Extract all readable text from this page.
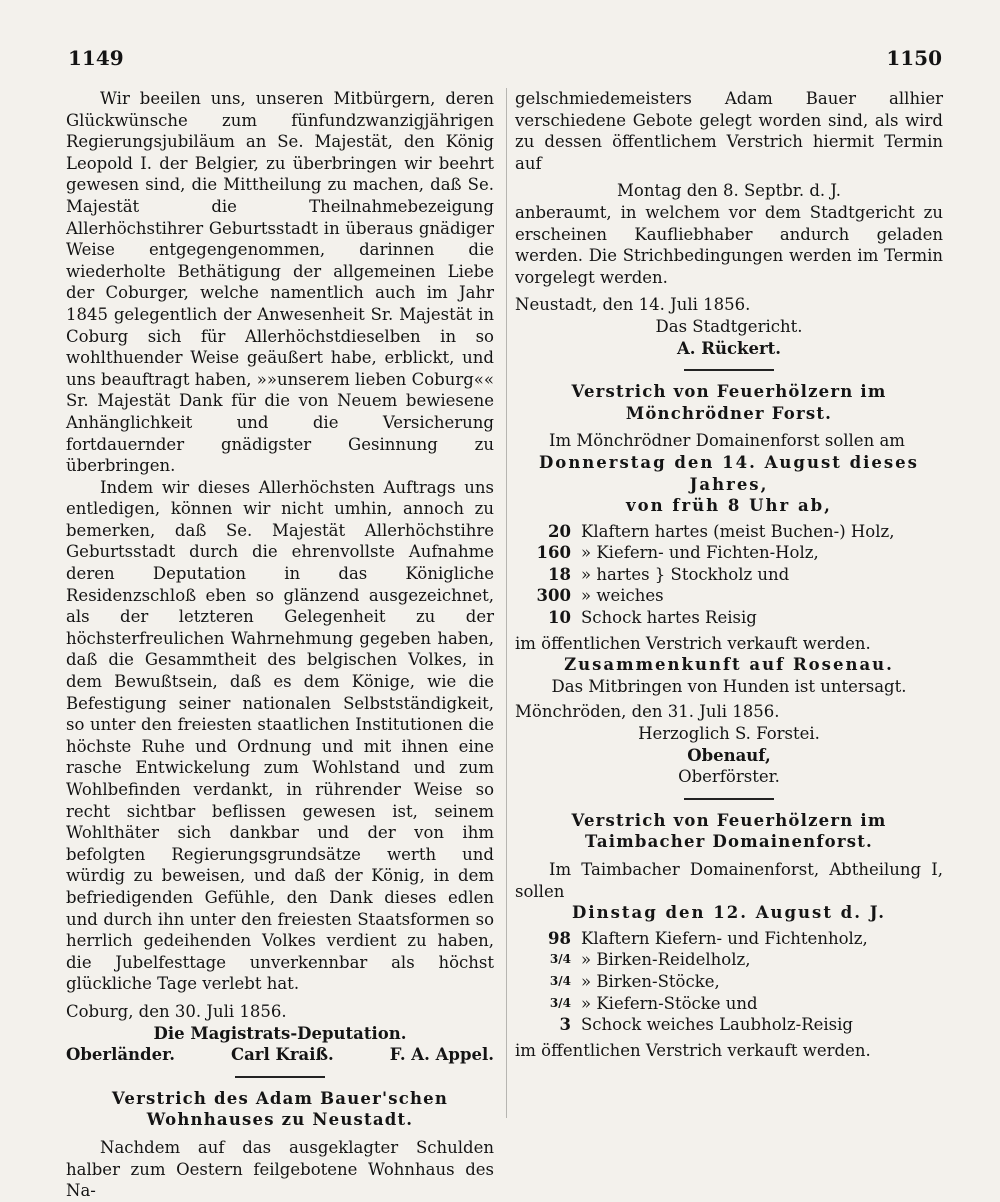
1149	1150

Wir beeilen uns, unseren Mitbürgern, deren Glückwünsche zum fünfundzwanzigjährigen Regierungsjubiläum an Se. Majestät, den König Leopold I. der Belgier, zu überbringen wir beehrt gewesen sind, die Mittheilung zu machen, daß Se. Majestät die Theilnahmebezeigung Allerhöchstihrer Geburtsstadt in überaus gnädiger Weise entgegengenommen, darinnen die wiederholte Bethätigung der allgemeinen Liebe der Coburger, welche namentlich auch im Jahr 1845 gelegentlich der Anwesenheit Sr. Majestät in Coburg sich für Allerhöchstdieselben in so wohlthuender Weise geäußert habe, erblickt, und uns beauftragt haben, »»unserem lieben Coburg«« Sr. Majestät Dank für die von Neuem bewiesene Anhänglichkeit und die Versicherung fortdauernder gnädigster Gesinnung zu überbringen.

Indem wir dieses Allerhöchsten Auftrags uns entledigen, können wir nicht umhin, annoch zu bemerken, daß Se. Majestät Allerhöchstihre Geburtsstadt durch die ehrenvollste Aufnahme deren Deputation in das Königliche Residenzschloß eben so glänzend ausgezeichnet, als der letzteren Gelegenheit zu der höchsterfreulichen Wahrnehmung gegeben haben, daß die Gesammtheit des belgischen Volkes, in dem Bewußtsein, daß es dem Könige, wie die Befestigung seiner nationalen Selbstständigkeit, so unter den freiesten staatlichen Institutionen die höchste Ruhe und Ordnung und mit ihnen eine rasche Entwickelung zum Wohlstand und zum Wohlbefinden verdankt, in rührender Weise so recht sichtbar beflissen gewesen ist, seinem Wohlthäter sich dankbar und der von ihm befolgten Regierungsgrundsätze werth und würdig zu beweisen, und daß der König, in dem befriedigenden Gefühle, den Dank dieses edlen und durch ihn unter den freiesten Staatsformen so herrlich gedeihenden Volkes verdient zu haben, die Jubelfesttage unverkennbar als höchst glückliche Tage verlebt hat.

Coburg, den 30. Juli 1856.

Die Magistrats-Deputation.

Oberländer.	Carl Kraiß.	F. A. Appel.

Verstrich des Adam Bauer'schen Wohnhauses zu Neustadt.

Nachdem auf das ausgeklagter Schulden halber zum Oestern feilgebotene Wohnhaus des Na-

gelschmiedemeisters Adam Bauer allhier verschiedene Gebote gelegt worden sind, als wird zu dessen öffentlichem Verstrich hiermit Termin auf

Montag den 8. Septbr. d. J.

anberaumt, in welchem vor dem Stadtgericht zu erscheinen Kaufliebhaber andurch geladen werden. Die Strichbedingungen werden im Termin vorgelegt werden.

Neustadt, den 14. Juli 1856.

Das Stadtgericht.

A. Rückert.

Verstrich von Feuerhölzern im Mönchrödner Forst.

Im Mönchrödner Domainenforst sollen am

Donnerstag den 14. August dieses Jahres,

von früh 8 Uhr ab,

20 Klaftern hartes (meist Buchen-) Holz,
160 » Kiefern- und Fichten-Holz,
18 » hartes } Stockholz und
300 » weiches
10 Schock hartes Reisig

im öffentlichen Verstrich verkauft werden.

Zusammenkunft auf Rosenau.

Das Mitbringen von Hunden ist untersagt.

Mönchröden, den 31. Juli 1856.

Herzoglich S. Forstei.

Obenauf,

Oberförster.

Verstrich von Feuerhölzern im Taimbacher Domainenforst.

Im Taimbacher Domainenforst, Abtheilung I, sollen

Dinstag den 12. August d. J.

98 Klaftern Kiefern- und Fichtenholz,
3/4 » Birken-Reidelholz,
3/4 » Birken-Stöcke,
3/4 » Kiefern-Stöcke und
3 Schock weiches Laubholz-Reisig

im öffentlichen Verstrich verkauft werden.
